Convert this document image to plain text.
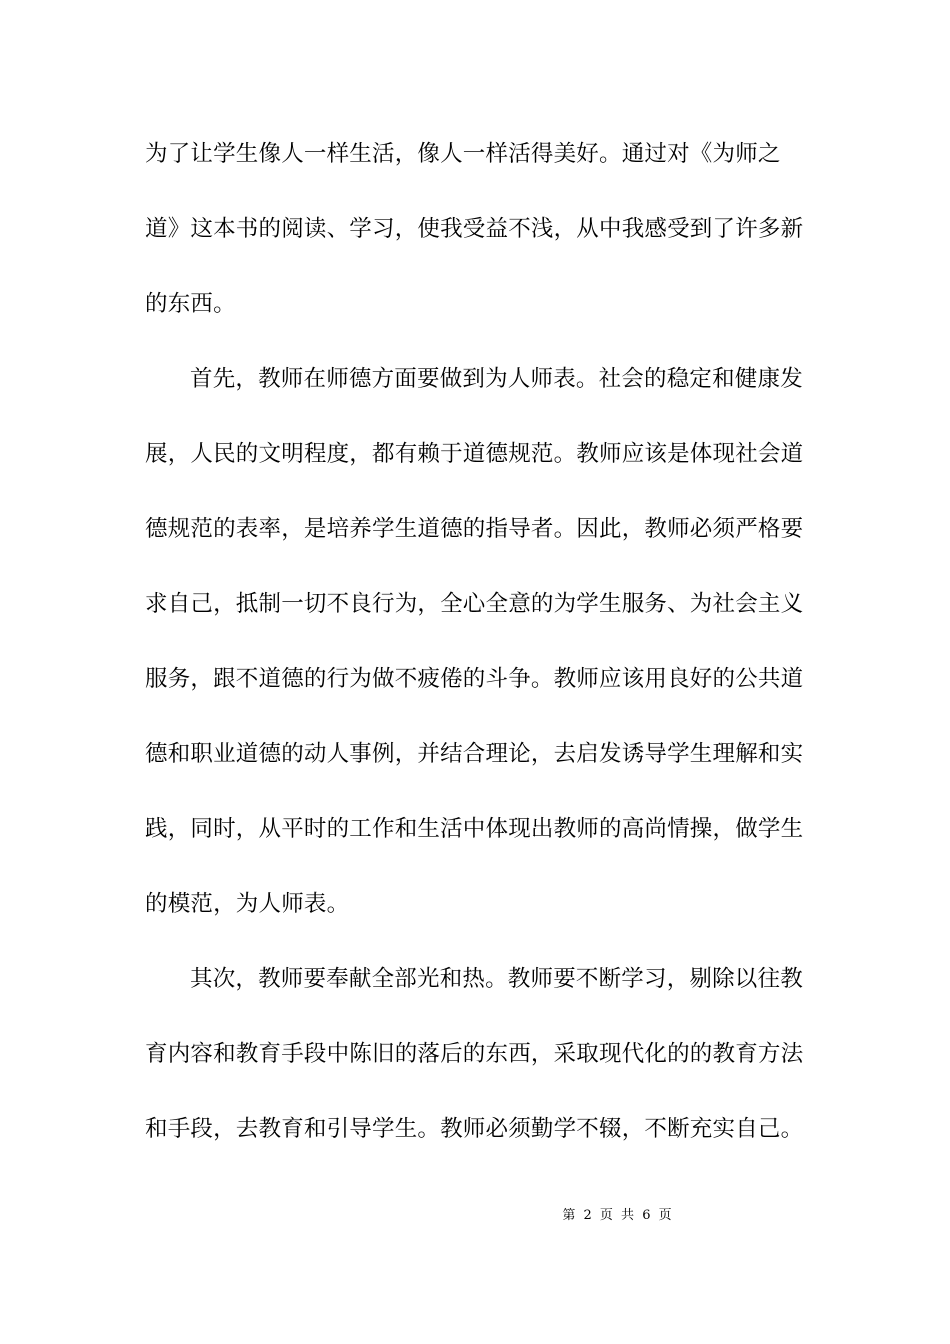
为了让学生像人一样生活，像人一样活得美好。通过对《为师之
道》这本书的阅读、学习，使我受益不浅，从中我感受到了许多新
的东西。
首先，教师在师德方面要做到为人师表。社会的稳定和健康发
展，人民的文明程度，都有赖于道德规范。教师应该是体现社会道
德规范的表率，是培养学生道德的指导者。因此，教师必须严格要
求自己，抵制一切不良行为，全心全意的为学生服务、为社会主义
服务，跟不道德的行为做不疲倦的斗争。教师应该用良好的公共道
德和职业道德的动人事例，并结合理论，去启发诱导学生理解和实
践，同时，从平时的工作和生活中体现出教师的高尚情操，做学生
的模范，为人师表。
其次，教师要奉献全部光和热。教师要不断学习，剔除以往教
育内容和教育手段中陈旧的落后的东西，采取现代化的的教育方法
和手段，去教育和引导学生。教师必须勤学不辍，不断充实自己。
第 2 页 共 6 页
